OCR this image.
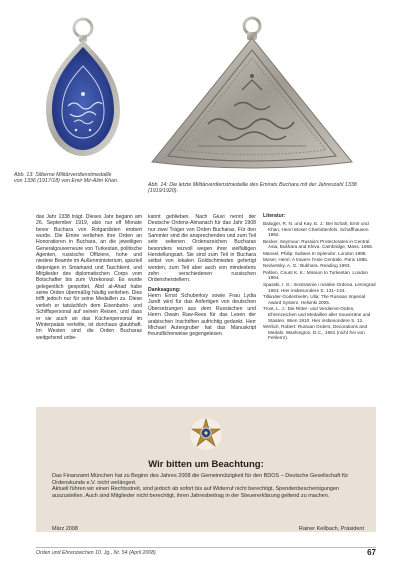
Abb. 13: Silberne Militärverdienstmedaille von 1336 (1917/18) von Emir Mir-Alim Khan.
Abb. 14: Die letzte Militärverdienstmedaille des Emirats Buchara mit der Jahreszahl 1338 (1919/1920).

das Jahr 1338 trägt. Dieses Jahr begann am 26. September 1919, also nur elf Monate bevor Buchara von Rotgardisten erobert wurde. Die Emire verliehen ihre Orden an Honoratioren in Buchara, an die jeweiligen Generalgouverneure von Turkestan, politische Agenten, russische Offiziere, hohe und niedere Beamte im Außenministerium, speziell diejenigen in Smarkand und Taschkent, und Mitglieder des diplomatischen Corps vom Botschafter bis zum Vizekonsul. Es wurde gelegentlich gespottet, Abd al-Ahad habe seine Orden übermäßig häufig verliehen. Dies trifft jedoch nur für seine Medaillen zu. Diese verlieh er tatsächlich dem Eisenbahn- und Schiffspersonal auf seinen Reisen, und dass er sie auch an das Küchenpersonal im Winterpalais verteilte, ist durchaus glaubhaft. Im Westen sind die Orden Bucharas weitgehend unbe-

kannt geblieben. Nach Giuvi nennt der Deutsche Ordens-Almanach für das Jahr 1908 nur zwei Träger von Orden Bucharas. Für den Sammler sind die ansprechenden und zum Teil sehr seltenen Ordenszeichen Bucharas besonders reizvoll wegen ihrer vielfältigen Herstellungsart. Sie sind zum Teil in Buchara selbst von lokalen Goldschmieden gefertigt worden, zum Teil aber auch von mindestens zehn verschiedenen russischen Ordensherstellern.

Danksagung:

Herrn Ernst Schuberksy sowie Frau Lydia Jundt wird für das Anfertigen von deutschen Übersetzungen aus dem Russischen und Herrn Owain Raw-Rees für das Lesen der arabischen Inschriften aufrichtig gedankt. Herr Michael Autengruber hat das Manuskript freundlicherweise gegengelesen.

Literatur:
Balogjer, R. N. und Kay, E. J.: Bei Schah, Emir und Khan, Henri Moser Charlottenfels. Schaffhausen 1992.
Becker, Seymour: Russia's Protectorates in Central Asia, Bukhara and Khiva. Cambridge, Mass. 1968.
Mansel, Philip: Sultans In Splendor. London 1988.
Moser, Henri: A travers l'Asie Centrale. Paris 1885.
Nedvetsky, A. G.: Bukhara. Reading 1993.
Pahlen, Count K. K.: Mission to Turkestan. London 1964.
Spasski, I. G.: Inostrannie i russkie Ordena. Leningrad 1963. Hier insbesondere S. 131–134.
Tillander-Godenhielm, Ulla: The Russian Imperial Award System. Helsinki 2005.
Trost, L. J.: Die Ritter- und Verdienst-Orden, Ehrenzeichen und Medaillen aller Souveräne und Staaten. Wien 1910. Hier insbesondere S. 12.
Werlich, Robert: Russian Orders, Decorations and Medals. Washington, D.C., 1981 (nicht frei von Fehlern!).
Wir bitten um Beachtung:

Das Finanzamt München hat zu Beginn des Jahres 2008 die Gemeinnützigkeit für den BDOS – Deutsche Gesellschaft für Ordenskunde e.V. nicht verlängert.

Aktuell führen wir einen Rechtsstreit, sind jedoch ab sofort bis auf Widerruf nicht berechtigt, Spendenbescheinigungen auszustellen. Auch sind Mitglieder nicht berechtigt, ihren Jahresbeitrag in der Steuererklärung geltend zu machen.

März 2008	Rainer Keilbach, Präsident
Orden und Ehrenzeichen 10. Jg., Nr. 54 (April 2008)	67
